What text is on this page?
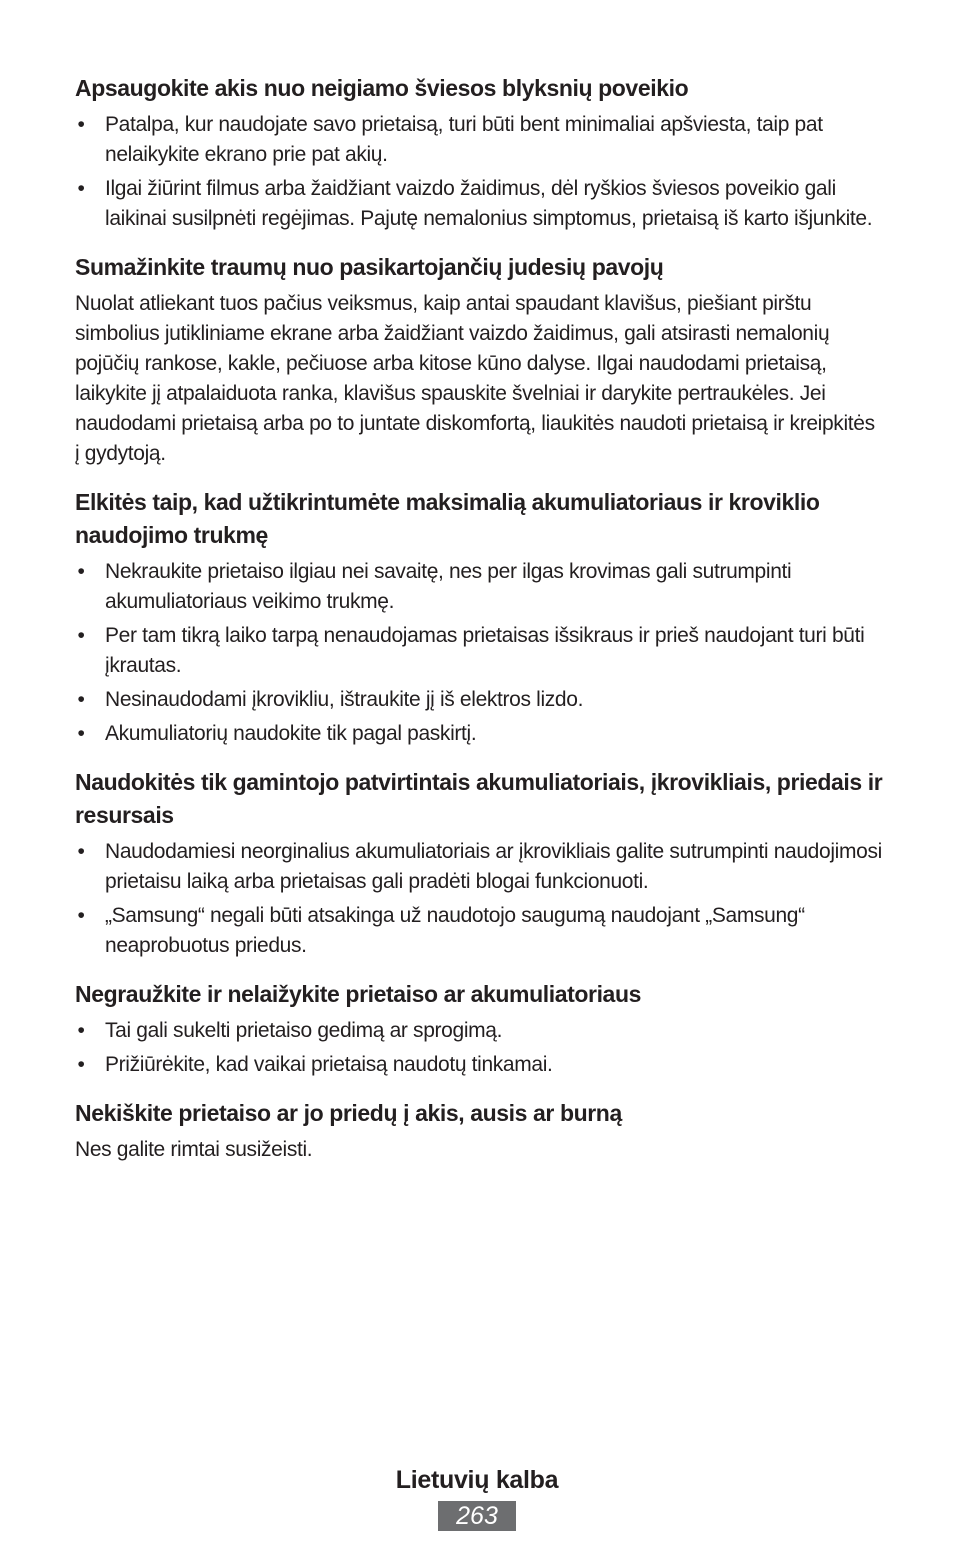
Apsaugokite akis nuo neigiamo šviesos blyksnių poveikio
• Patalpa, kur naudojate savo prietaisą, turi būti bent minimaliai apšviesta, taip pat nelaikykite ekrano prie pat akių.
• Ilgai žiūrint filmus arba žaidžiant vaizdo žaidimus, dėl ryškios šviesos poveikio gali laikinai susilpnėti regėjimas. Pajutę nemalonius simptomus, prietaisą iš karto išjunkite.
Sumažinkite traumų nuo pasikartojančių judesių pavojų

Nuolat atliekant tuos pačius veiksmus, kaip antai spaudant klavišus, piešiant pirštu simbolius jutikliniame ekrane arba žaidžiant vaizdo žaidimus, gali atsirasti nemalonių pojūčių rankose, kakle, pečiuose arba kitose kūno dalyse. Ilgai naudodami prietaisą, laikykite jį atpalaiduota ranka, klavišus spauskite švelniai ir darykite pertraukėles. Jei naudodami prietaisą arba po to juntate diskomfortą, liaukitės naudoti prietaisą ir kreipkitės į gydytoją.

Elkitės taip, kad užtikrintumėte maksimalią akumuliatoriaus ir kroviklio naudojimo trukmę
• Nekraukite prietaiso ilgiau nei savaitę, nes per ilgas krovimas gali sutrumpinti akumuliatoriaus veikimo trukmę.
• Per tam tikrą laiko tarpą nenaudojamas prietaisas išsikraus ir prieš naudojant turi būti įkrautas.
• Nesinaudodami įkrovikliu, ištraukite jį iš elektros lizdo.
• Akumuliatorių naudokite tik pagal paskirtį.
Naudokitės tik gamintojo patvirtintais akumuliatoriais, įkrovikliais, priedais ir resursais
• Naudodamiesi neorginalius akumuliatoriais ar įkrovikliais galite sutrumpinti naudojimosi prietaisu laiką arba prietaisas gali pradėti blogai funkcionuoti.
• „Samsung“ negali būti atsakinga už naudotojo saugumą naudojant „Samsung“ neaprobuotus priedus.
Negraužkite ir nelaižykite prietaiso ar akumuliatoriaus
• Tai gali sukelti prietaiso gedimą ar sprogimą.
• Prižiūrėkite, kad vaikai prietaisą naudotų tinkamai.
Nekiškite prietaiso ar jo priedų į akis, ausis ar burną

Nes galite rimtai susižeisti.

Lietuvių kalba
263
